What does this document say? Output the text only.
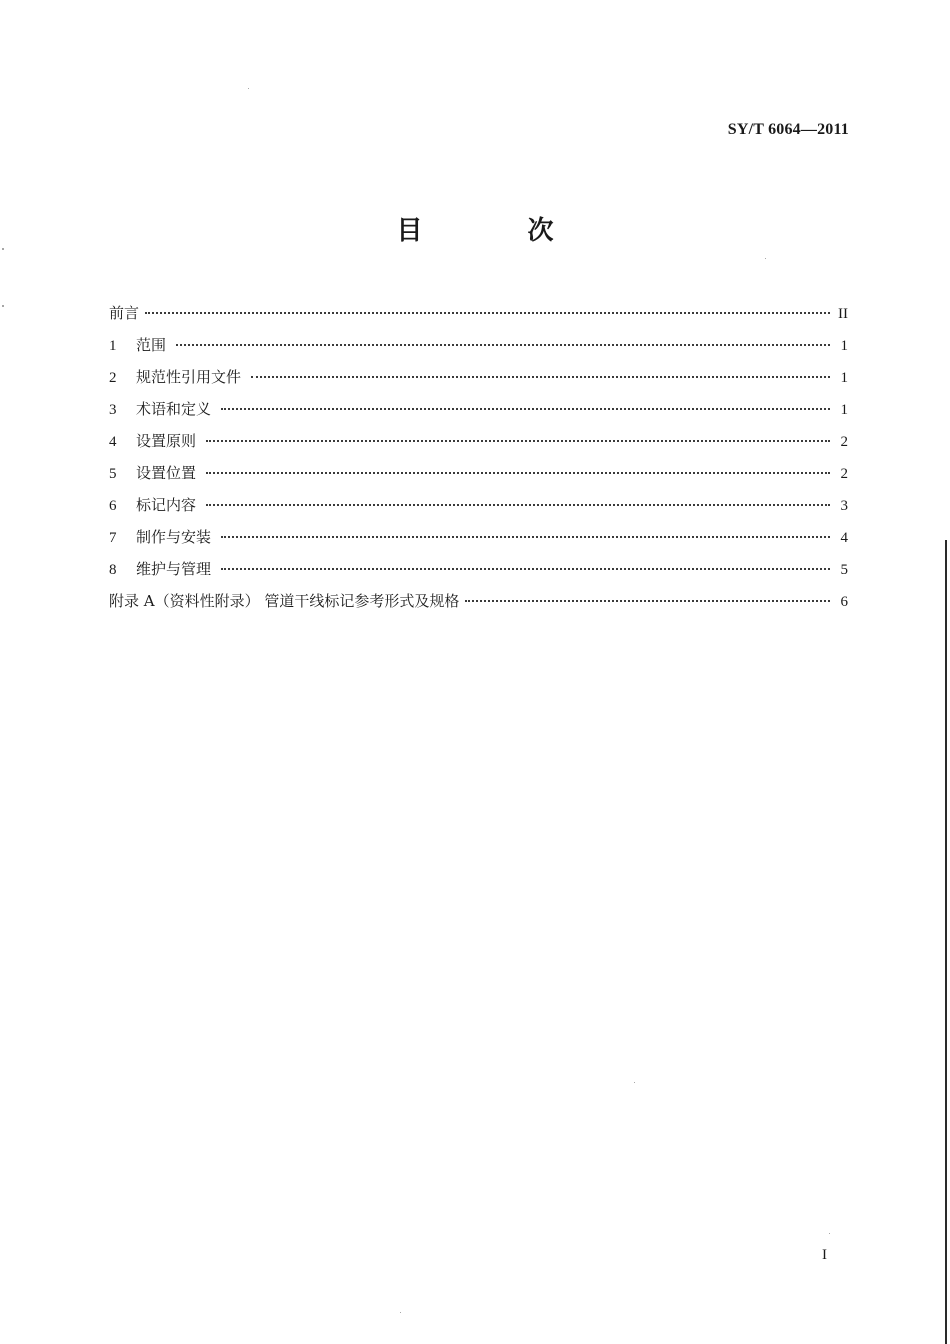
SY/T 6064—2011
目 次
前言	II
1	范围	1
2	规范性引用文件	1
3	术语和定义	1
4	设置原则	2
5	设置位置	2
6	标记内容	3
7	制作与安装	4
8	维护与管理	5
附录 A（资料性附录） 管道干线标记参考形式及规格	6
I
